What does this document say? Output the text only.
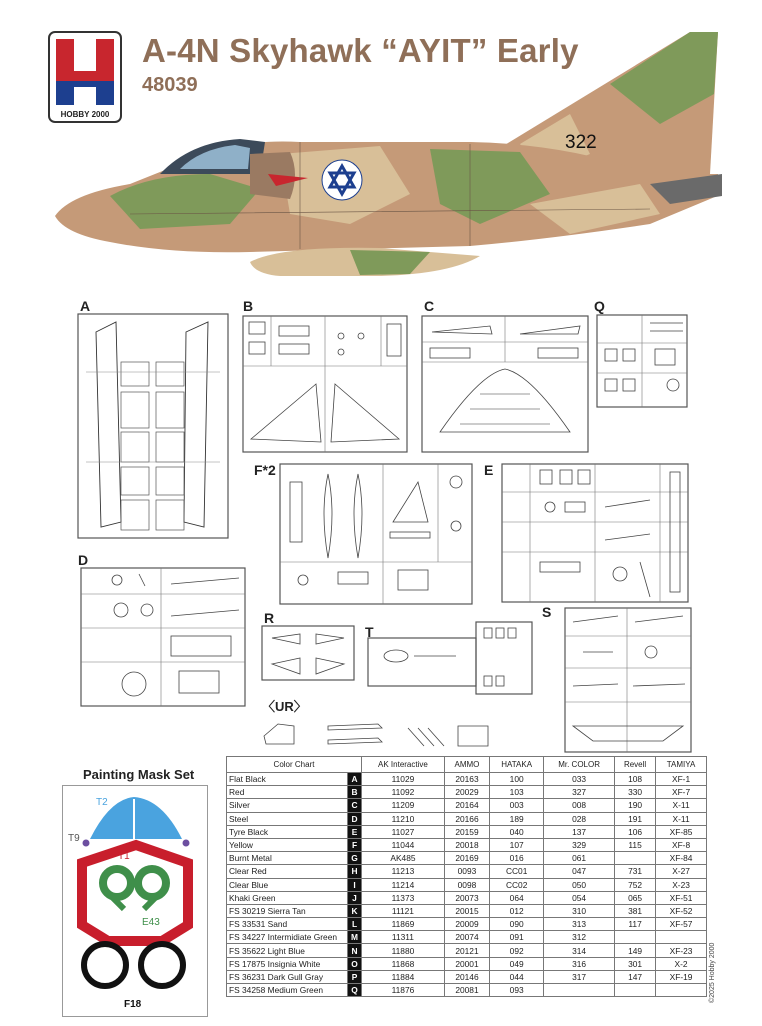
HOBBY 2000
A-4N Skyhawk “AYIT” Early
48039
322
A	B	C	Q
F*2	E
D
R
T
S
〈UR〉
Painting Mask Set
T2
T9
T1
E43
F18
Color Chart		AK Interactive	AMMO	HATAKA	Mr. COLOR	Revell	TAMIYA
Flat Black	A	11029	20163	100	033	108	XF-1
Red	B	11092	20029	103	327	330	XF-7
Silver	C	11209	20164	003	008	190	X-11
Steel	D	11210	20166	189	028	191	X-11
Tyre Black	E	11027	20159	040	137	106	XF-85
Yellow	F	11044	20018	107	329	115	XF-8
Burnt Metal	G	AK485	20169	016	061		XF-84
Clear Red	H	11213	0093	CC01	047	731	X-27
Clear Blue	I	11214	0098	CC02	050	752	X-23
Khaki Green	J	11373	20073	064	054	065	XF-51
FS 30219 Sierra Tan	K	11121	20015	012	310	381	XF-52
FS 33531 Sand	L	11869	20009	090	313	117	XF-57
FS 34227 Intermidiate Green	M	11311	20074	091	312		
FS 35622 Light Blue	N	11880	20121	092	314	149	XF-23
FS 17875 Insignia White	O	11868	20001	049	316	301	X-2
FS 36231 Dark Gull Gray	P	11884	20146	044	317	147	XF-19
FS 34258 Medium Green	Q	11876	20081	093				©2025 Hobby 2000
